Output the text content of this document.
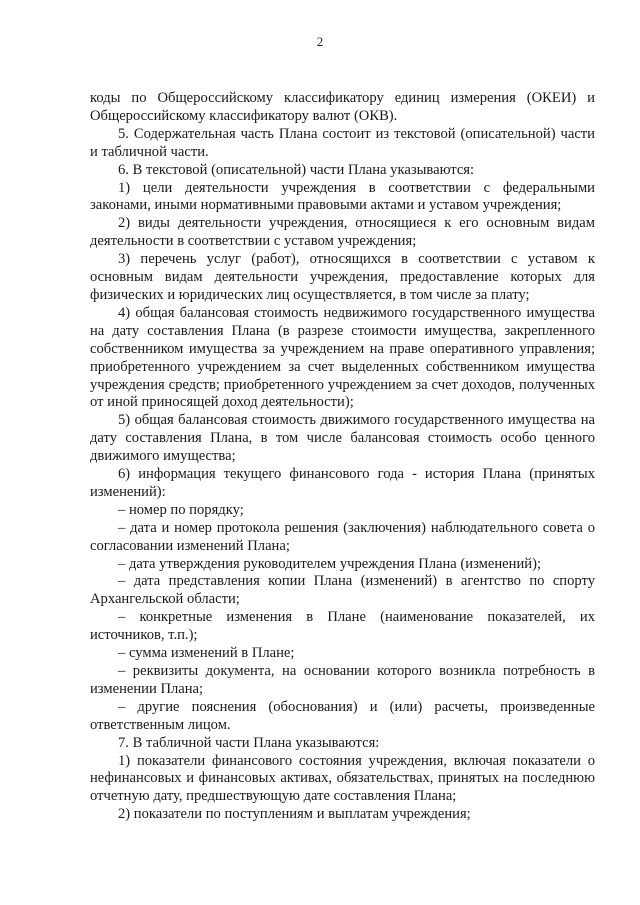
2

коды по Общероссийскому классификатору единиц измерения (ОКЕИ) и Общероссийскому классификатору валют (ОКВ).

5. Содержательная часть Плана состоит из текстовой (описательной) части и табличной части.

6. В текстовой (описательной) части Плана указываются:

1) цели деятельности учреждения в соответствии с федеральными законами, иными нормативными правовыми актами и уставом учреждения;

2) виды деятельности учреждения, относящиеся к его основным видам деятельности в соответствии с уставом учреждения;

3) перечень услуг (работ), относящихся в соответствии с уставом к основным видам деятельности учреждения, предоставление которых для физических и юридических лиц осуществляется, в том числе за плату;

4) общая балансовая стоимость недвижимого государственного имущества на дату составления Плана (в разрезе стоимости имущества, закрепленного собственником имущества за учреждением на праве оперативного управления; приобретенного учреждением за счет выделенных собственником имущества учреждения средств; приобретенного учреждением за счет доходов, полученных от иной приносящей доход деятельности);

5) общая балансовая стоимость движимого государственного имущества на дату составления Плана, в том числе балансовая стоимость особо ценного движимого имущества;

6) информация текущего финансового года - история Плана (принятых изменений):

– номер по порядку;

– дата и номер протокола решения (заключения) наблюдательного совета о согласовании изменений Плана;

– дата утверждения руководителем учреждения Плана (изменений);

– дата представления копии Плана (изменений) в агентство по спорту Архангельской области;

– конкретные изменения в Плане (наименование показателей, их источников, т.п.);

– сумма изменений в Плане;

– реквизиты документа, на основании которого возникла потребность в изменении Плана;

– другие пояснения (обоснования) и (или) расчеты, произведенные ответственным лицом.

7. В табличной части Плана указываются:

1) показатели финансового состояния учреждения, включая показатели о нефинансовых и финансовых активах, обязательствах, принятых на последнюю отчетную дату, предшествующую дате составления Плана;

2) показатели по поступлениям и выплатам учреждения;
